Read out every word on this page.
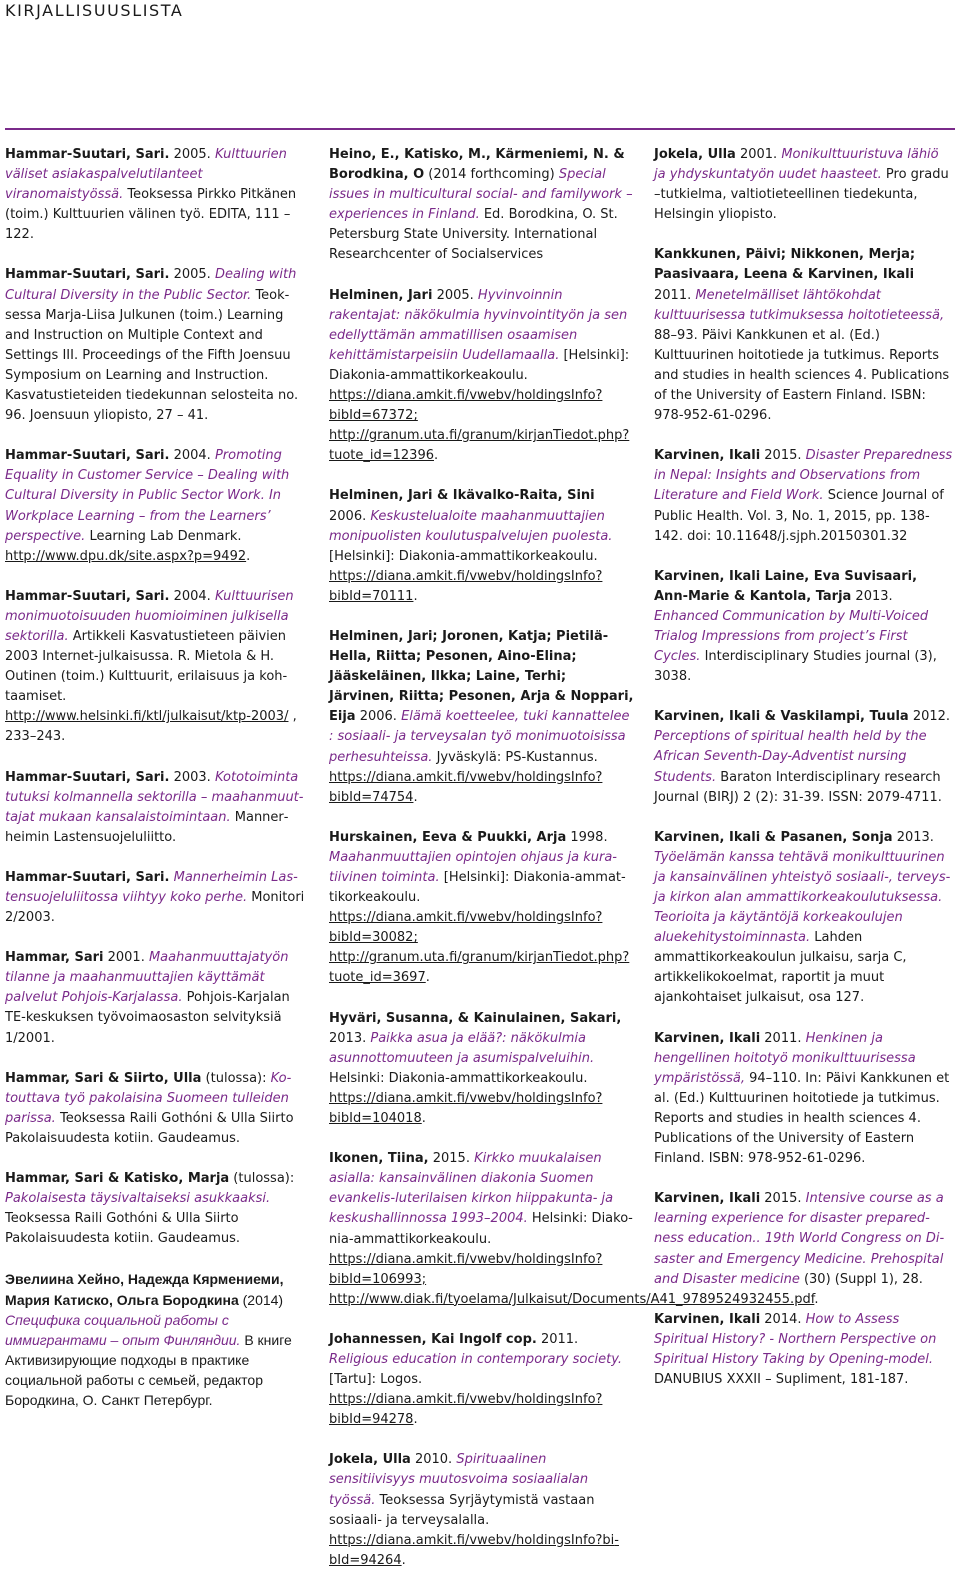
KIRJALLISUUSLISTA
Hammar-Suutari, Sari. 2005. Kulttuurien väliset asiakaspalvelutilanteet viranomaistyössä. Teoksessa Pirkko Pitkänen (toim.) Kulttuurien välinen työ. EDITA, 111 – 122.
Hammar-Suutari, Sari. 2005. Dealing with Cultural Diversity in the Public Sector. Teoksessa Marja-Liisa Julkunen (toim.) Learning and Instruction on Multiple Context and Settings III. Proceedings of the Fifth Joensuu Symposium on Learning and Instruction. Kasvatustieteiden tiedekunnan selosteita no. 96. Joensuun yliopisto, 27 – 41.
Hammar-Suutari, Sari. 2004. Promoting Equality in Customer Service – Dealing with Cultural Diversity in Public Sector Work. In Workplace Learning – from the Learners’ perspective. Learning Lab Denmark. http://www.dpu.dk/site.aspx?p=9492.
Hammar-Suutari, Sari. 2004. Kulttuurisen monimuotoisuuden huomioiminen julkisella sektorilla. Artikkeli Kasvatustieteen päivien 2003 Internet-julkaisussa. R. Mietola & H. Outinen (toim.) Kulttuurit, erilaisuus ja kohtaamiset. http://www.helsinki.fi/ktl/julkaisut/ktp-2003/ , 233–243.
Hammar-Suutari, Sari. 2003. Kototoiminta tutuksi kolmannella sektorilla – maahanmuuttajat mukaan kansalaistoimintaan. Mannerheimin Lastensuojeluliitto.
Hammar-Suutari, Sari. Mannerheimin Lastensuojeluliitossa viihtyy koko perhe. Monitori 2/2003.
Hammar, Sari 2001. Maahanmuuttajatyön tilanne ja maahanmuuttajien käyttämät palvelut Pohjois-Karjalassa. Pohjois-Karjalan TE-keskuksen työvoimaosaston selvityksiä 1/2001.
Hammar, Sari & Siirto, Ulla (tulossa): Kotouttava työ pakolaisina Suomeen tulleiden parissa. Teoksessa Raili Gothóni & Ulla Siirto Pakolaisuudesta kotiin. Gaudeamus.
Hammar, Sari & Katisko, Marja (tulossa): Pakolaisesta täysivaltaiseksi asukkaaksi. Teoksessa Raili Gothóni & Ulla Siirto Pakolaisuudesta kotiin. Gaudeamus.
Эвелиина Хейно, Надежда Кярмениеми, Мария Катиско, Ольга Бородкина (2014) Специфика социальной работы с иммигрантами – опыт Финляндии. В книге Активизирующие подходы в практике социальной работы с семьей, редактор Бородкина, О. Санкт Петербург.
Heino, E., Katisko, M., Kärmeniemi, N. & Borodkina, O (2014 forthcoming) Special issues in multicultural social- and familywork –experiences in Finland. Ed. Borodkina, O. St. Petersburg State University. International Researchcenter of Socialservices
Helminen, Jari 2005. Hyvinvoinnin rakentajat: näkökulmia hyvinvointityön ja sen edellyttämän ammatillisen osaamisen kehittämistarpeisiin Uudellamaalla. [Helsinki]: Diakonia-ammattikorkeakoulu. https://diana.amkit.fi/vwebv/holdingsInfo?bibId=67372; http://granum.uta.fi/granum/kirjanTiedot.php?tuote_id=12396.
Helminen, Jari & Ikävalko-Raita, Sini 2006. Keskustelualoite maahanmuuttajien monipuolisten koulutuspalvelujen puolesta. [Helsinki]: Diakonia-ammattikorkeakoulu. https://diana.amkit.fi/vwebv/holdingsInfo?bibId=70111.
Helminen, Jari; Joronen, Katja; Pietilä-Hella, Riitta; Pesonen, Aino-Elina; Jääskeläinen, Ilkka; Laine, Terhi; Järvinen, Riitta; Pesonen, Arja & Noppari, Eija 2006. Elämä koetteelee, tuki kannattelee : sosiaali- ja terveysalan työ monimuotoisissa perhesuhteissa. Jyväskylä: PS-Kustannus. https://diana.amkit.fi/vwebv/holdingsInfo?bibId=74754.
Hurskainen, Eeva & Puukki, Arja 1998. Maahanmuuttajien opintojen ohjaus ja kuratiivinen toiminta. [Helsinki]: Diakonia-ammattikorkeakoulu. https://diana.amkit.fi/vwebv/holdingsInfo?bibId=30082; http://granum.uta.fi/granum/kirjanTiedot.php?tuote_id=3697.
Hyväri, Susanna, & Kainulainen, Sakari, 2013. Paikka asua ja elää?: näkökulmia asunnottomuuteen ja asumispalveluihin. Helsinki: Diakonia-ammattikorkeakoulu. https://diana.amkit.fi/vwebv/holdingsInfo?bibId=104018.
Ikonen, Tiina, 2015. Kirkko muukalaisen asialla: kansainvälinen diakonia Suomen evankelis-luterilaisen kirkon hiippakunta- ja keskushallinnossa 1993–2004. Helsinki: Diakonia-ammattikorkeakoulu. https://diana.amkit.fi/vwebv/holdingsInfo?bibId=106993; http://www.diak.fi/tyoelama/Julkaisut/Documents/A41_9789524932455.pdf.
Johannessen, Kai Ingolf cop. 2011. Religious education in contemporary society. [Tartu]: Logos. https://diana.amkit.fi/vwebv/holdingsInfo?bibId=94278.
Jokela, Ulla 2010. Spirituaalinen sensitiivisyys muutosvoima sosiaalialan työssä. Teoksessa Syrjäytymistä vastaan sosiaali- ja terveysalalla. https://diana.amkit.fi/vwebv/holdingsInfo?bibId=94264.
Jokela, Ulla 2001. Monikulttuuristuva lähiö ja yhdyskuntatyön uudet haasteet. Pro gradu –tutkielma, valtiotieteellinen tiedekunta, Helsingin yliopisto.
Kankkunen, Päivi; Nikkonen, Merja; Paasivaara, Leena & Karvinen, Ikali 2011. Menetelmälliset lähtökohdat kulttuurisessa tutkimuksessa hoitotieteessä, 88–93. Päivi Kankkunen et al. (Ed.) Kulttuurinen hoitotiede ja tutkimus. Reports and studies in health sciences 4. Publications of the University of Eastern Finland. ISBN: 978-952-61-0296.
Karvinen, Ikali 2015. Disaster Preparedness in Nepal: Insights and Observations from Literature and Field Work. Science Journal of Public Health. Vol. 3, No. 1, 2015, pp. 138-142. doi: 10.11648/j.sjph.20150301.32
Karvinen, Ikali Laine, Eva Suvisaari, Ann-Marie & Kantola, Tarja 2013. Enhanced Communication by Multi-Voiced Trialog Impressions from project’s First Cycles. Interdisciplinary Studies journal (3), 3038.
Karvinen, Ikali & Vaskilampi, Tuula 2012. Perceptions of spiritual health held by the African Seventh-Day-Adventist nursing Students. Baraton Interdisciplinary research Journal (BIRJ) 2 (2): 31-39. ISSN: 2079-4711.
Karvinen, Ikali & Pasanen, Sonja 2013. Työelämän kanssa tehtävä monikulttuurinen ja kansainvälinen yhteistyö sosiaali-, terveys- ja kirkon alan ammattikorkeakoulutuksessa. Teorioita ja käytäntöjä korkeakoulujen aluekehitystoiminnasta. Lahden ammattikorkeakoulun julkaisu, sarja C, artikkelikokoelmat, raportit ja muut ajankohtaiset julkaisut, osa 127.
Karvinen, Ikali 2011. Henkinen ja hengellinen hoitotyö monikulttuurisessa ympäristössä, 94–110. In: Päivi Kankkunen et al. (Ed.) Kulttuurinen hoitotiede ja tutkimus. Reports and studies in health sciences 4. Publications of the University of Eastern Finland. ISBN: 978-952-61-0296.
Karvinen, Ikali 2015. Intensive course as a learning experience for disaster preparedness education.. 19th World Congress on Disaster and Emergency Medicine. Prehospital and Disaster medicine (30) (Suppl 1), 28.
Karvinen, Ikali 2014. How to Assess Spiritual History? - Northern Perspective on Spiritual History Taking by Opening-model. DANUBIUS XXXII – Supliment, 181-187.
